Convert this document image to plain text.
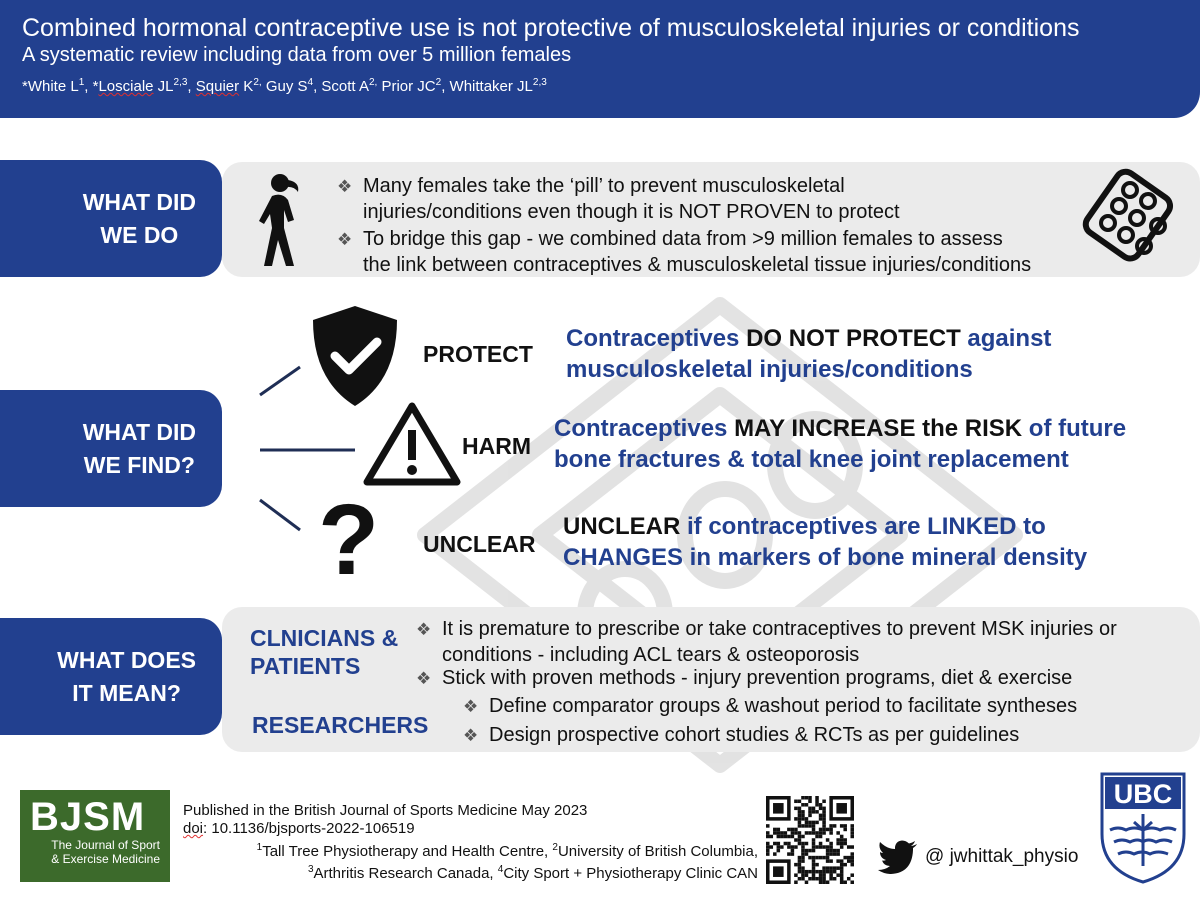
Combined hormonal contraceptive use is not protective of musculoskeletal injuries or conditions
A systematic review including data from over 5 million females
*White $L^1$, *Losciale JL$^{2,3}$, Squier $K^{2,}$ Guy $S^4$, Scott $A^{2,}$ Prior $JC^2$, Whittaker JL$^{2,3}$
WHAT DID
WE DO
❖ Many females take the ‘pill’ to prevent musculoskeletal
injuries/conditions even though it is NOT PROVEN to protect
❖ To bridge this gap - we combined data from >9 million females to assess
the link between contraceptives & musculoskeletal tissue injuries/conditions
WHAT DID
WE FIND?
PROTECT
Contraceptives DO NOT PROTECT against
musculoskeletal injuries/conditions
HARM
Contraceptives MAY INCREASE the RISK of future
bone fractures & total knee joint replacement
? UNCLEAR
UNCLEAR if contraceptives are LINKED to
CHANGES in markers of bone mineral density
WHAT DOES
IT MEAN?
CLNICIANS &
PATIENTS
RESEARCHERS
❖ It is premature to prescribe or take contraceptives to prevent MSK injuries or
conditions - including ACL tears & osteoporosis
❖ Stick with proven methods - injury prevention programs, diet & exercise
❖ Define comparator groups & washout period to facilitate syntheses
❖ Design prospective cohort studies & RCTs as per guidelines
BJSM
The Journal of Sport
& Exercise Medicine
Published in the British Journal of Sports Medicine May 2023
doi: 10.1136/bjsports-2022-106519
$^1$Tall Tree Physiotherapy and Health Centre, $^2$University of British Columbia,
$^3$Arthritis Research Canada, $^4$City Sport + Physiotherapy Clinic CAN
@ jwhittak_physio
UBC
